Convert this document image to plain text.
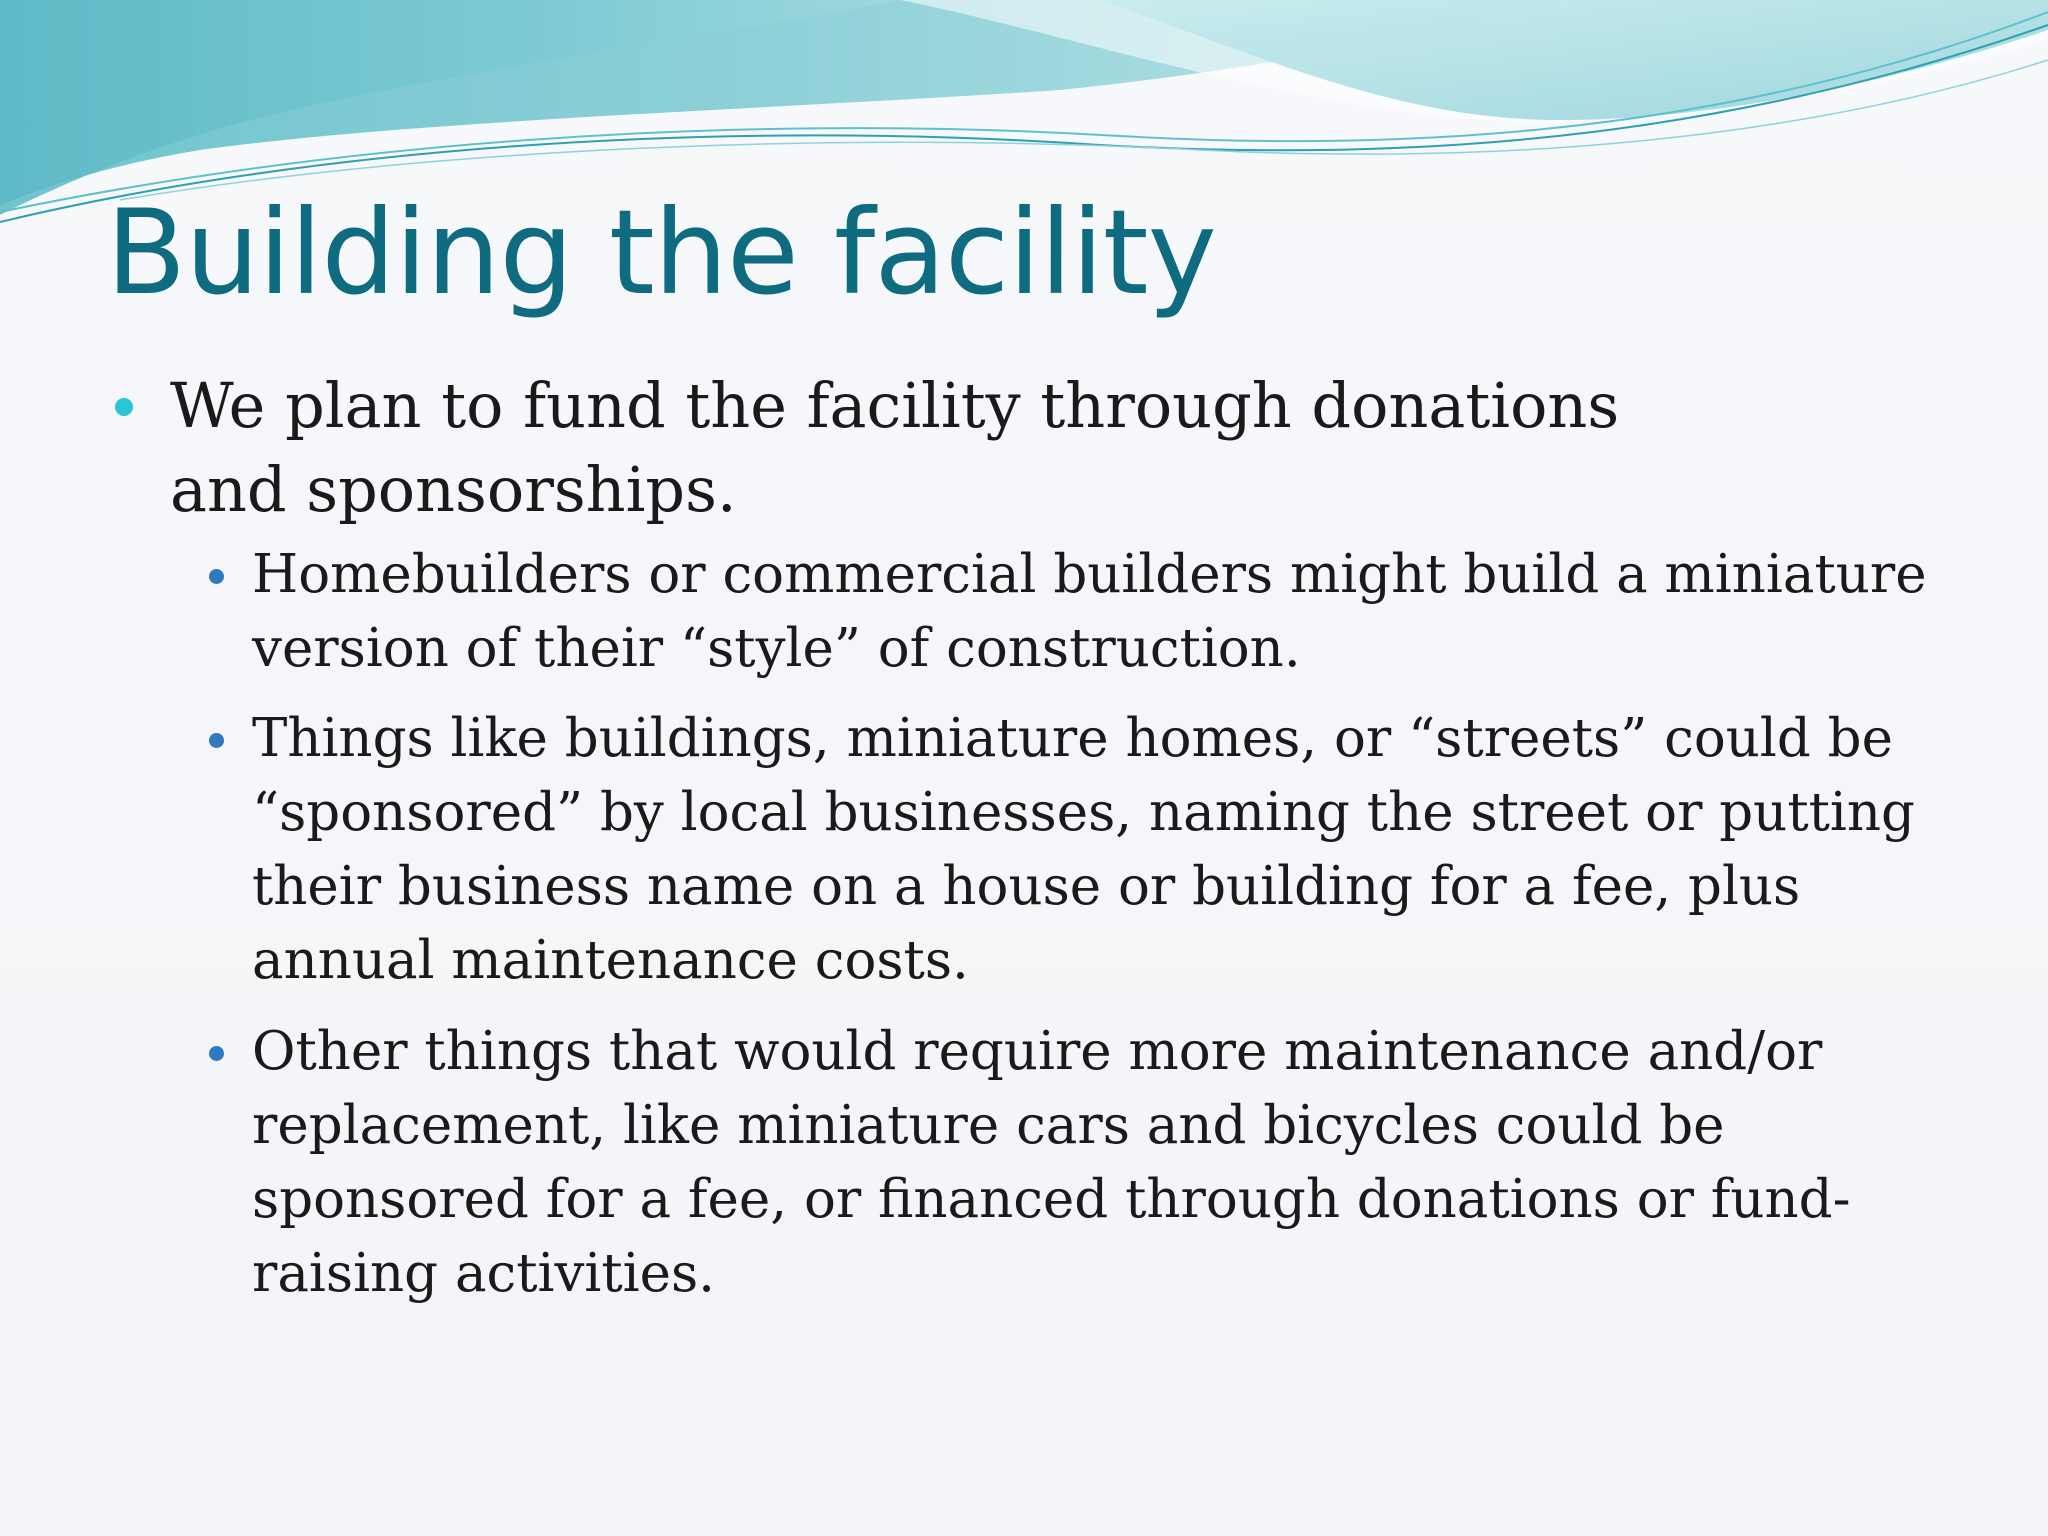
Building the facility
We plan to fund the facility through donations and sponsorships.
Homebuilders or commercial builders might build a miniature version of their “style” of construction.
Things like buildings, miniature homes, or “streets” could be “sponsored” by local businesses, naming the street or putting their business name on a house or building for a fee, plus annual maintenance costs.
Other things that would require more maintenance and/or replacement, like miniature cars and bicycles could be sponsored for a fee, or financed through donations or fund-raising activities.
